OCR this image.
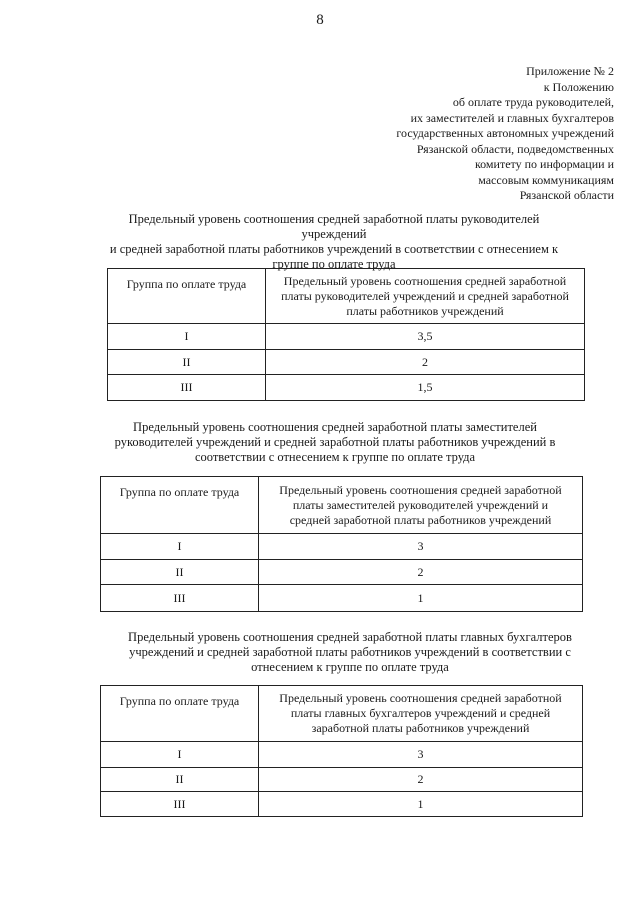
8
Приложение № 2
к Положению
об оплате труда руководителей,
их заместителей и главных бухгалтеров
государственных автономных учреждений
Рязанской области, подведомственных
комитету по информации и
массовым коммуникациям
Рязанской области
Предельный уровень соотношения средней заработной платы руководителей учреждений
и средней заработной платы работников учреждений в соответствии с отнесением к
группе по оплате труда
Группа по оплате труда	Предельный уровень соотношения средней заработной
платы руководителей учреждений и средней заработной
платы работников учреждений

I	3,5
II	2
III	1,5
Предельный уровень соотношения средней заработной платы заместителей
руководителей учреждений и средней заработной платы работников учреждений в
соответствии с отнесением к группе по оплате труда
Группа по оплате труда	Предельный уровень соотношения средней заработной
платы заместителей руководителей учреждений и
средней заработной платы работников учреждений

I	3
II	2
III	1
Предельный уровень соотношения средней заработной платы главных бухгалтеров
учреждений и средней заработной платы работников учреждений в соответствии с
отнесением к группе по оплате труда
Группа по оплате труда	Предельный уровень соотношения средней заработной
платы главных бухгалтеров учреждений и средней
заработной платы работников учреждений

I	3
II	2
III	1
